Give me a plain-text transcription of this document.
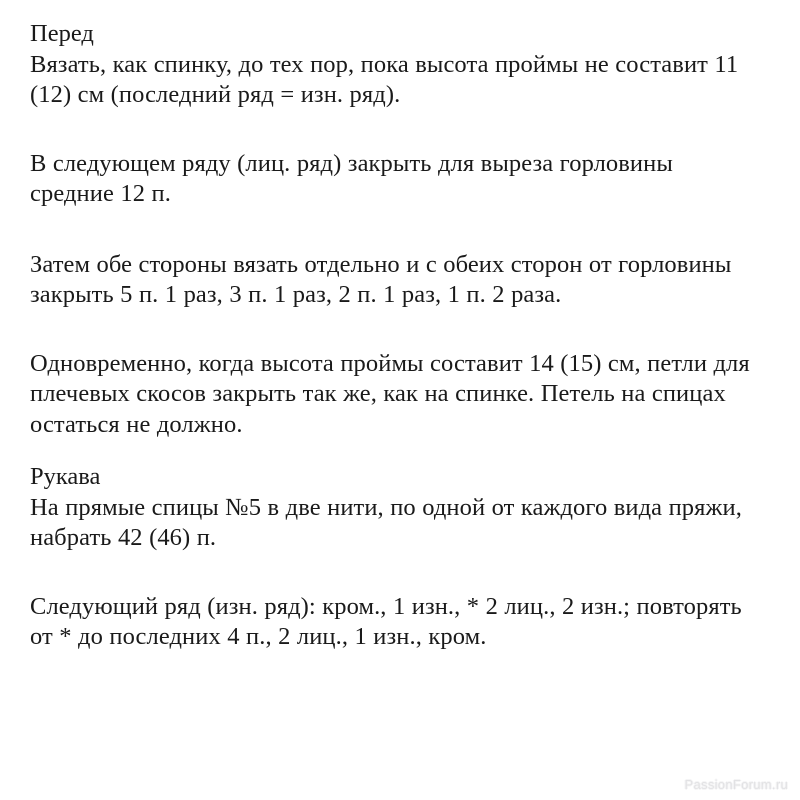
Перед

Вязать, как спинку, до тех пор, пока высота проймы не составит 11 (12) см (последний ряд = изн. ряд).

В следующем ряду (лиц. ряд) закрыть для выреза горловины средние 12 п.

Затем обе стороны вязать отдельно и с обеих сторон от горловины закрыть 5 п. 1 раз, 3 п. 1 раз, 2 п. 1 раз, 1 п. 2 раза.

Одновременно, когда высота проймы составит 14 (15) см, петли для плечевых скосов закрыть так же, как на спинке. Петель на спицах остаться не должно.

Рукава

На прямые спицы №5 в две нити, по одной от каждого вида пряжи, набрать 42 (46) п.

Следующий ряд (изн. ряд): кром., 1 изн., * 2 лиц., 2 изн.; повторять от * до последних 4 п., 2 лиц., 1 изн., кром.

PassionForum.ru
